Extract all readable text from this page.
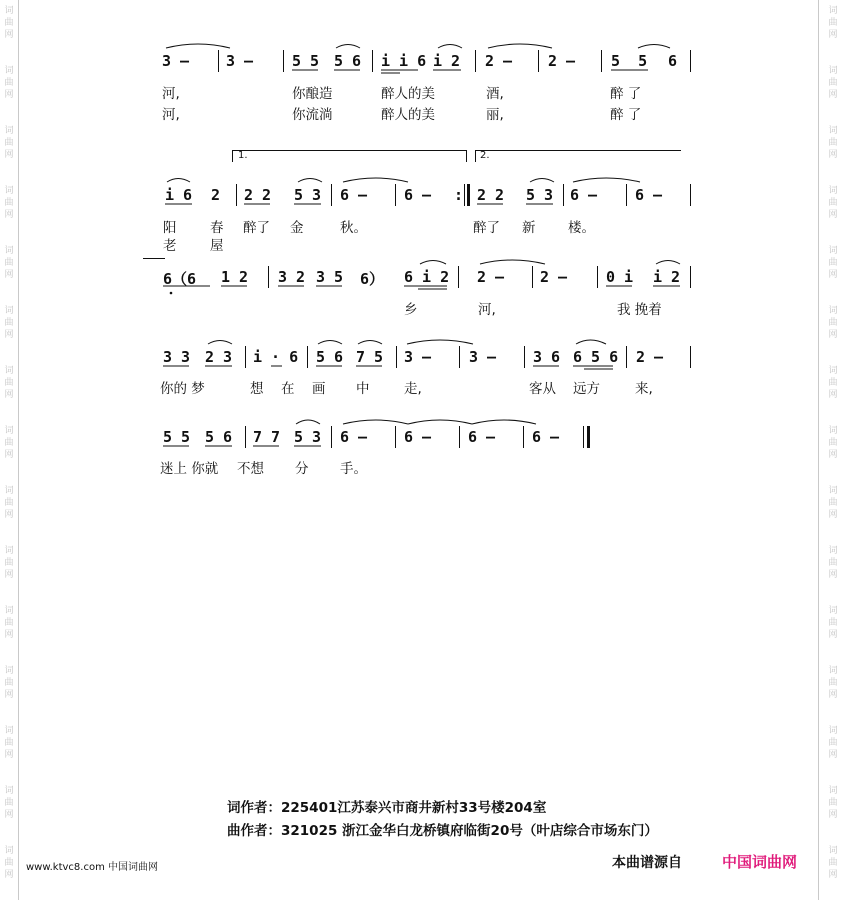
词
曲
网
词
曲
网
词
曲
网
词
曲
网
词
曲
网
词
曲
网
词
曲
网
词
曲
网
词
曲
网
词
曲
网
词
曲
网
词
曲
网
词
曲
网
词
曲
网
词
曲
网
词
曲
网
词
曲
网
词
曲
网
词
曲
网
词
曲
网
词
曲
网
词
曲
网
词
曲
网
词
曲
网
词
曲
网
词
曲
网
词
曲
网
词
曲
网
词
曲
网
词
曲
网
3 – 3 –	5 5 5 6 i i 6 i 2 2 – 2 – 5  5 6
河,	你酿造	醉人的美	酒,	醉 了
河,	你流淌	醉人的美	丽,	醉 了
1.	2.
i 6 2 2 2 5 3 6 – 6 –	2 2 5 3 6 –	6 –
:
阳 春 醉了 金	秋。	醉了 新 楼。
老 屋
6（6 1 2 3 2 3 5 6） 6 i 2 2 – 2 –	0 i i 2
乡	河,	我 挽着
3 3 2 3 i · 6 5 6 7 5 3 –	3 – 3 6 6 5 6 2 –
你的 梦	想 在 画 中	走,	客从 远方	来,
5 5 5 6 7 7 5 3 6 – 6 – 6 – 6 –
迷上 你就 不想 分 手。
词作者：225401江苏泰兴市商井新村33号楼204室
曲作者：321025 浙江金华白龙桥镇府临街20号（叶店综合市场东门）
www.ktvc8.com 中国词曲网	本曲谱源自	中国词曲网
